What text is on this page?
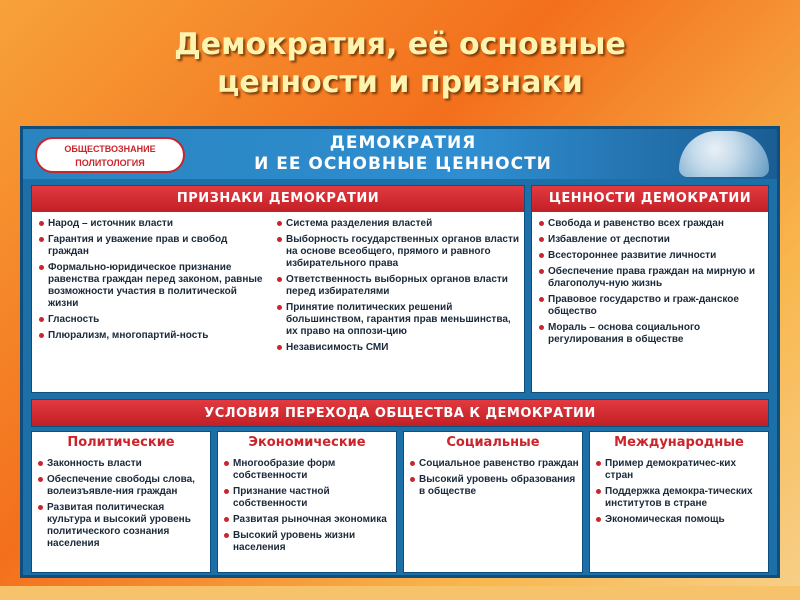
Демократия, её основные
ценности и признаки
ОБЩЕСТВОЗНАНИЕ
ПОЛИТОЛОГИЯ
ДЕМОКРАТИЯ
И ЕЕ ОСНОВНЫЕ ЦЕННОСТИ
ПРИЗНАКИ ДЕМОКРАТИИ
Народ – источник власти
Гарантия и уважение прав и свобод граждан
Формально-юридическое признание равенства граждан перед законом, равные возможности участия в политической жизни
Гласность
Плюрализм, многопартий-ность
Система разделения властей
Выборность государственных органов власти на основе всеобщего, прямого и равного избирательного права
Ответственность выборных органов власти перед избирателями
Принятие политических решений большинством, гарантия прав меньшинства, их право на оппози-цию
Независимость СМИ
ЦЕННОСТИ ДЕМОКРАТИИ
Свобода и равенство всех граждан
Избавление от деспотии
Всестороннее развитие личности
Обеспечение права граждан на мирную и благополуч-ную жизнь
Правовое государство и граж-данское общество
Мораль – основа социального регулирования в обществе
УСЛОВИЯ ПЕРЕХОДА ОБЩЕСТВА К ДЕМОКРАТИИ
Политические
Законность власти
Обеспечение свободы слова, волеизъявле-ния граждан
Развитая политическая культура и высокий уровень политического сознания населения
Экономические
Многообразие форм собственности
Признание частной собственности
Развитая рыночная экономика
Высокий уровень жизни населения
Социальные
Социальное равенство граждан
Высокий уровень образования в обществе
Международные
Пример демократичес-ких стран
Поддержка демокра-тических институтов в стране
Экономическая помощь
